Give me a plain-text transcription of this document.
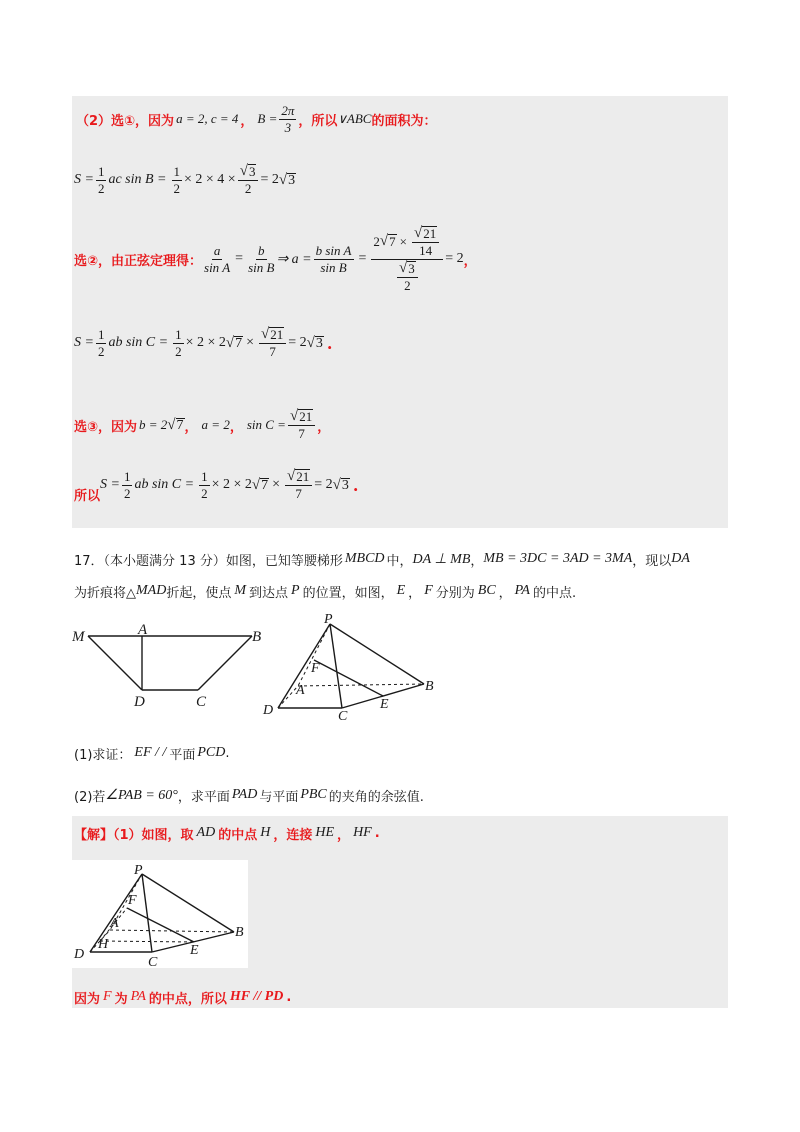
（2）选①，因为 a = 2, c = 4 ， $B = \frac{2\pi}{3}$ ，所以 ∨ABC 的面积为：
$S = \frac{1}{2}$ ac $\sin B = \frac{1}{2} \times 2 \times 4 \times \frac{√ 3}{2} = 2$ √ 3
选②，由正弦定理得： $\frac{a}{\text{sin A}} = \frac{b}{\text{sin B}}$ ⇒ $a = \frac{\text{b sin A}}{\text{sin B}} = \frac{2 √ 7 \times \frac{√ 21}{14}}{\frac{√ 3}{2}} = 2$ ，
$S = \frac{1}{2}$ ab $\sin C = \frac{1}{2} \times 2 \times 2$ √ $7 \times \frac{√ 21}{7} = 2$ √ 3 .
选③，因为 b = 2 √ 7 ， a = 2 ， $\sin C = \frac{√ 21}{7}$ ，
所以
$S = \frac{1}{2}$ ab $\sin C = \frac{1}{2} \times 2 \times 2$ √ $7 \times \frac{√ 21}{7} = 2$ √ 3 .
17．（本小题满分 13 分）如图，已知等腰梯形 MBCD 中， DA ⊥ MB ， MB = 3DC = 3AD = 3MA ，现以 DA
为折痕将△ MAD 折起，使点 M 到达点 P 的位置，如图， E ， F 分别为 BC ， PA 的中点.
M	A	B
D	C
P
F
A	B
D	C
E
(1)求证： EF / / 平面 PCD .
(2)若 ∠PAB = 60° ，求平面 PAD 与平面 PBC 的夹角的余弦值.
【解】（1）如图，取 AD 的中点 H ，连接 HE ， HF .
P
F
A
H
B
D
C
E
因为 F 为 PA 的中点，所以 HF // PD .
